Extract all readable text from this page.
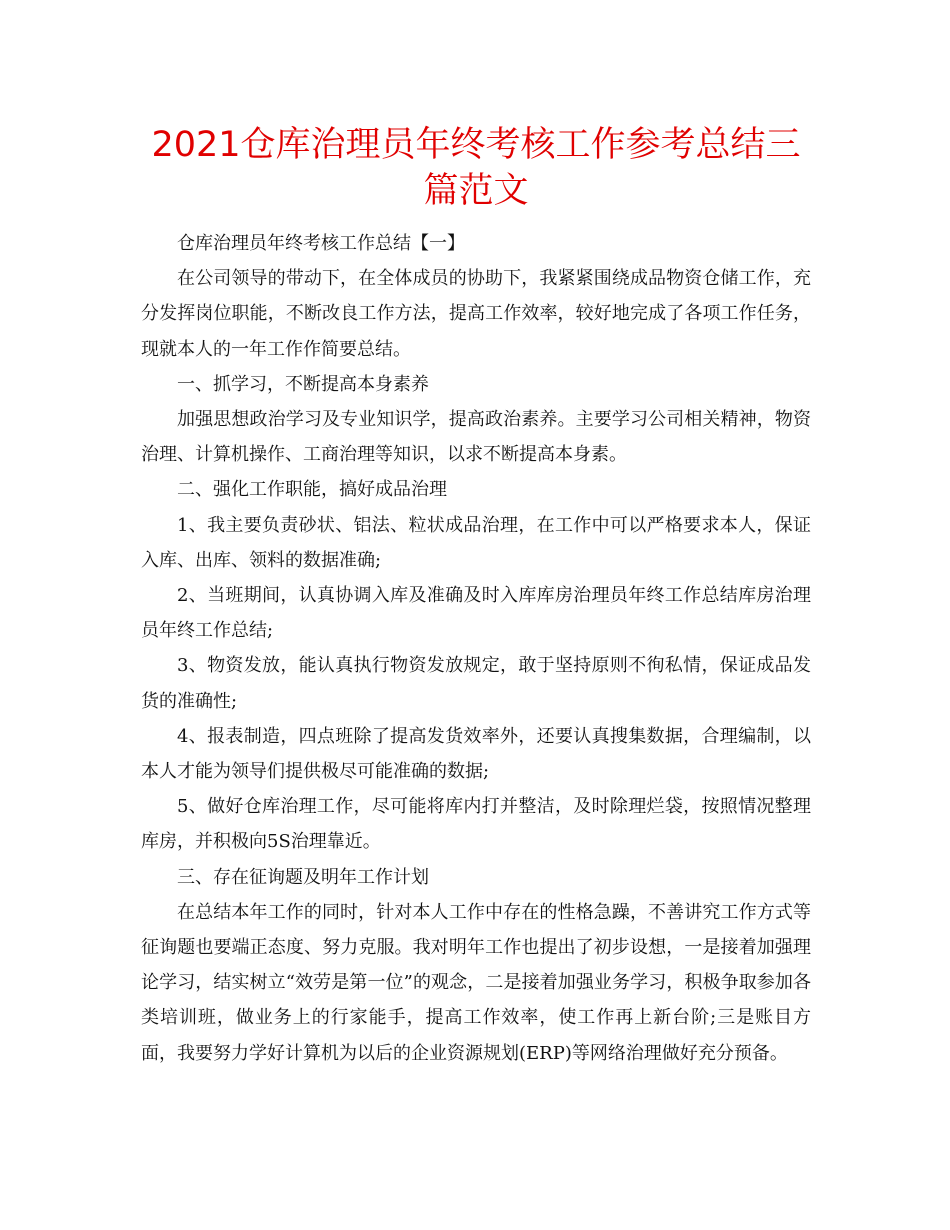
2021仓库治理员年终考核工作参考总结三篇范文

仓库治理员年终考核工作总结【一】

在公司领导的带动下，在全体成员的协助下，我紧紧围绕成品物资仓储工作，充分发挥岗位职能，不断改良工作方法，提高工作效率，较好地完成了各项工作任务，现就本人的一年工作作简要总结。

一、抓学习，不断提高本身素养

加强思想政治学习及专业知识学，提高政治素养。主要学习公司相关精神，物资治理、计算机操作、工商治理等知识，以求不断提高本身素。

二、强化工作职能，搞好成品治理

1、我主要负责砂状、铝法、粒状成品治理，在工作中可以严格要求本人，保证入库、出库、领料的数据准确;

2、当班期间，认真协调入库及准确及时入库库房治理员年终工作总结库房治理员年终工作总结;

3、物资发放，能认真执行物资发放规定，敢于坚持原则不徇私情，保证成品发货的准确性;

4、报表制造，四点班除了提高发货效率外，还要认真搜集数据，合理编制，以本人才能为领导们提供极尽可能准确的数据;

5、做好仓库治理工作，尽可能将库内打并整洁，及时除理烂袋，按照情况整理库房，并积极向5S治理靠近。

三、存在征询题及明年工作计划

在总结本年工作的同时，针对本人工作中存在的性格急躁，不善讲究工作方式等征询题也要端正态度、努力克服。我对明年工作也提出了初步设想，一是接着加强理论学习，结实树立“效劳是第一位”的观念，二是接着加强业务学习，积极争取参加各类培训班，做业务上的行家能手，提高工作效率，使工作再上新台阶;三是账目方面，我要努力学好计算机为以后的企业资源规划(ERP)等网络治理做好充分预备。
